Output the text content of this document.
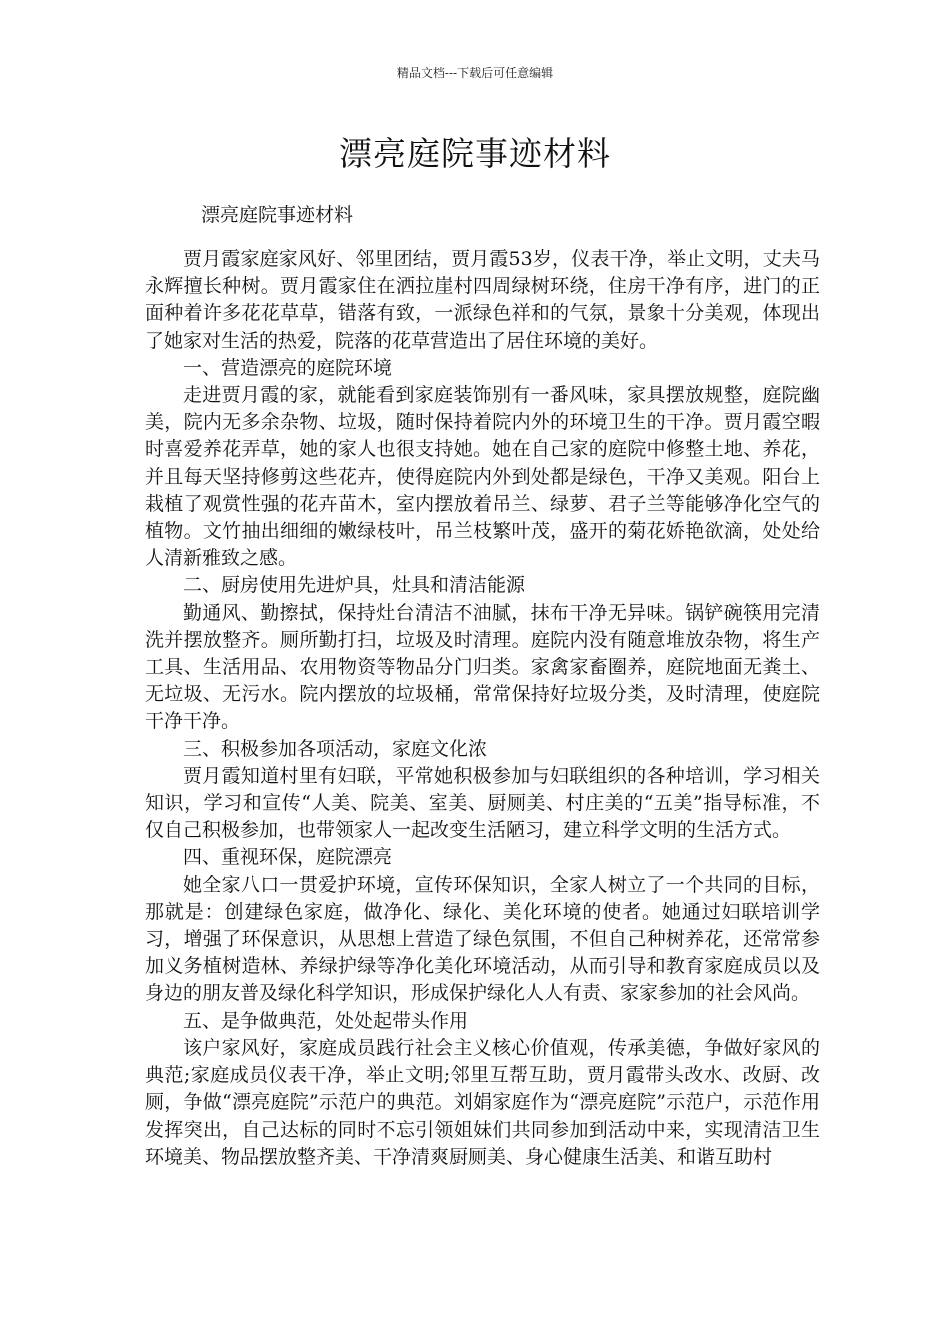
精品文档---下载后可任意编辑
漂亮庭院事迹材料

漂亮庭院事迹材料

贾月霞家庭家风好、邻里团结，贾月霞53岁，仪表干净，举止文明，丈夫马永辉擅长种树。贾月霞家住在洒拉崖村四周绿树环绕，住房干净有序，进门的正面种着许多花花草草，错落有致，一派绿色祥和的气氛，景象十分美观，体现出了她家对生活的热爱，院落的花草营造出了居住环境的美好。

一、营造漂亮的庭院环境

走进贾月霞的家，就能看到家庭装饰别有一番风味，家具摆放规整，庭院幽美，院内无多余杂物、垃圾，随时保持着院内外的环境卫生的干净。贾月霞空暇时喜爱养花弄草，她的家人也很支持她。她在自己家的庭院中修整土地、养花，并且每天坚持修剪这些花卉，使得庭院内外到处都是绿色，干净又美观。阳台上栽植了观赏性强的花卉苗木，室内摆放着吊兰、绿萝、君子兰等能够净化空气的植物。文竹抽出细细的嫩绿枝叶，吊兰枝繁叶茂，盛开的菊花娇艳欲滴，处处给人清新雅致之感。

二、厨房使用先进炉具，灶具和清洁能源

勤通风、勤擦拭，保持灶台清洁不油腻，抹布干净无异味。锅铲碗筷用完清洗并摆放整齐。厕所勤打扫，垃圾及时清理。庭院内没有随意堆放杂物，将生产工具、生活用品、农用物资等物品分门归类。家禽家畜圈养，庭院地面无粪土、无垃圾、无污水。院内摆放的垃圾桶，常常保持好垃圾分类，及时清理，使庭院干净干净。

三、积极参加各项活动，家庭文化浓

贾月霞知道村里有妇联，平常她积极参加与妇联组织的各种培训，学习相关知识，学习和宣传“人美、院美、室美、厨厕美、村庄美的“五美”指导标准，不仅自己积极参加，也带领家人一起改变生活陋习，建立科学文明的生活方式。

四、重视环保，庭院漂亮

她全家八口一贯爱护环境，宣传环保知识，全家人树立了一个共同的目标，那就是：创建绿色家庭，做净化、绿化、美化环境的使者。她通过妇联培训学习，增强了环保意识，从思想上营造了绿色氛围，不但自己种树养花，还常常参加义务植树造林、养绿护绿等净化美化环境活动，从而引导和教育家庭成员以及身边的朋友普及绿化科学知识，形成保护绿化人人有责、家家参加的社会风尚。

五、是争做典范，处处起带头作用

该户家风好，家庭成员践行社会主义核心价值观，传承美德，争做好家风的典范;家庭成员仪表干净，举止文明;邻里互帮互助，贾月霞带头改水、改厨、改厕，争做“漂亮庭院”示范户的典范。刘娟家庭作为“漂亮庭院”示范户，示范作用发挥突出，自己达标的同时不忘引领姐妹们共同参加到活动中来，实现清洁卫生环境美、物品摆放整齐美、干净清爽厨厕美、身心健康生活美、和谐互助村
